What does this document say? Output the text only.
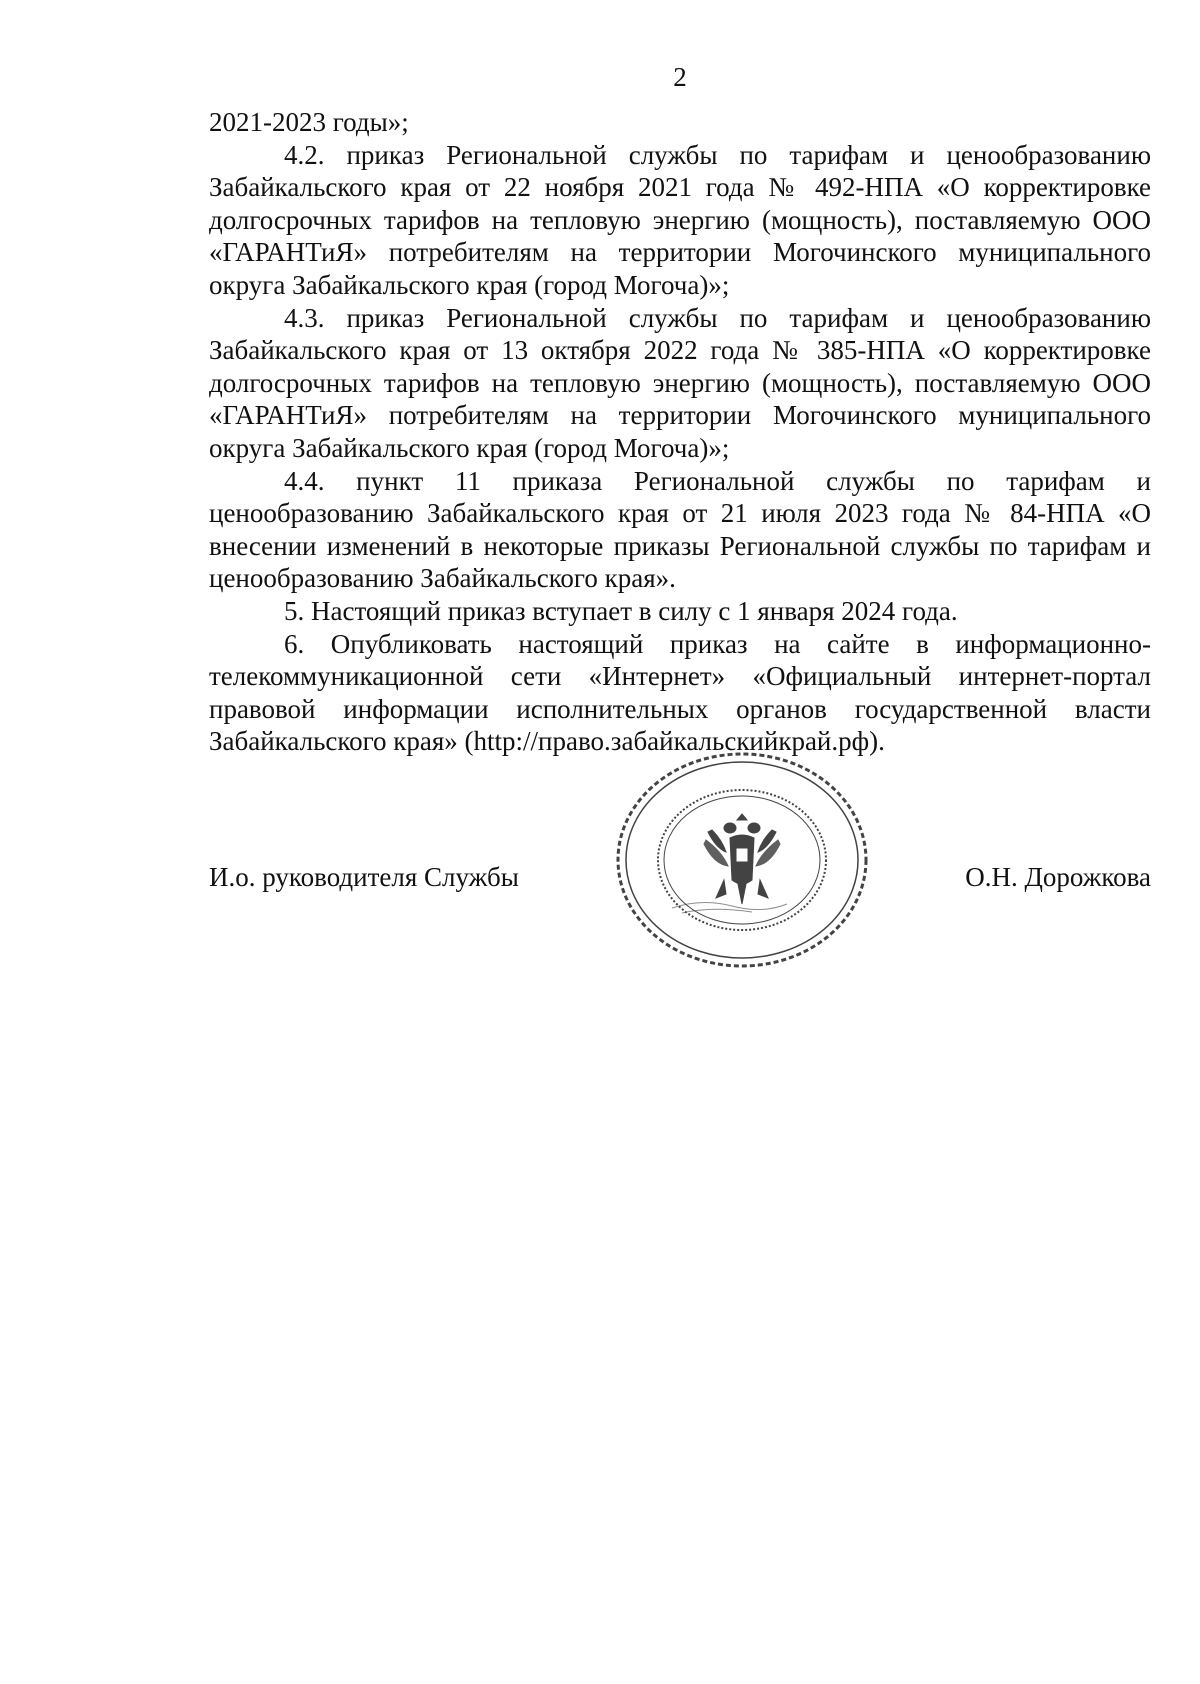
2

2021-2023 годы»;

4.2. приказ Региональной службы по тарифам и ценообразованию Забайкальского края от 22 ноября 2021 года № 492-НПА «О корректировке долгосрочных тарифов на тепловую энергию (мощность), поставляемую ООО «ГАРАНТиЯ» потребителям на территории Могочинского муниципального округа Забайкальского края (город Могоча)»;

4.3. приказ Региональной службы по тарифам и ценообразованию Забайкальского края от 13 октября 2022 года № 385-НПА «О корректировке долгосрочных тарифов на тепловую энергию (мощность), поставляемую ООО «ГАРАНТиЯ» потребителям на территории Могочинского муниципального округа Забайкальского края (город Могоча)»;

4.4. пункт 11 приказа Региональной службы по тарифам и ценообразованию Забайкальского края от 21 июля 2023 года № 84-НПА «О внесении изменений в некоторые приказы Региональной службы по тарифам и ценообразованию Забайкальского края».

5. Настоящий приказ вступает в силу с 1 января 2024 года.

6. Опубликовать настоящий приказ на сайте в информационно-телекоммуникационной сети «Интернет» «Официальный интернет-портал правовой информации исполнительных органов государственной власти Забайкальского края» (http://право.забайкальскийкрай.рф).

И.о. руководителя Службы	О.Н. Дорожкова
